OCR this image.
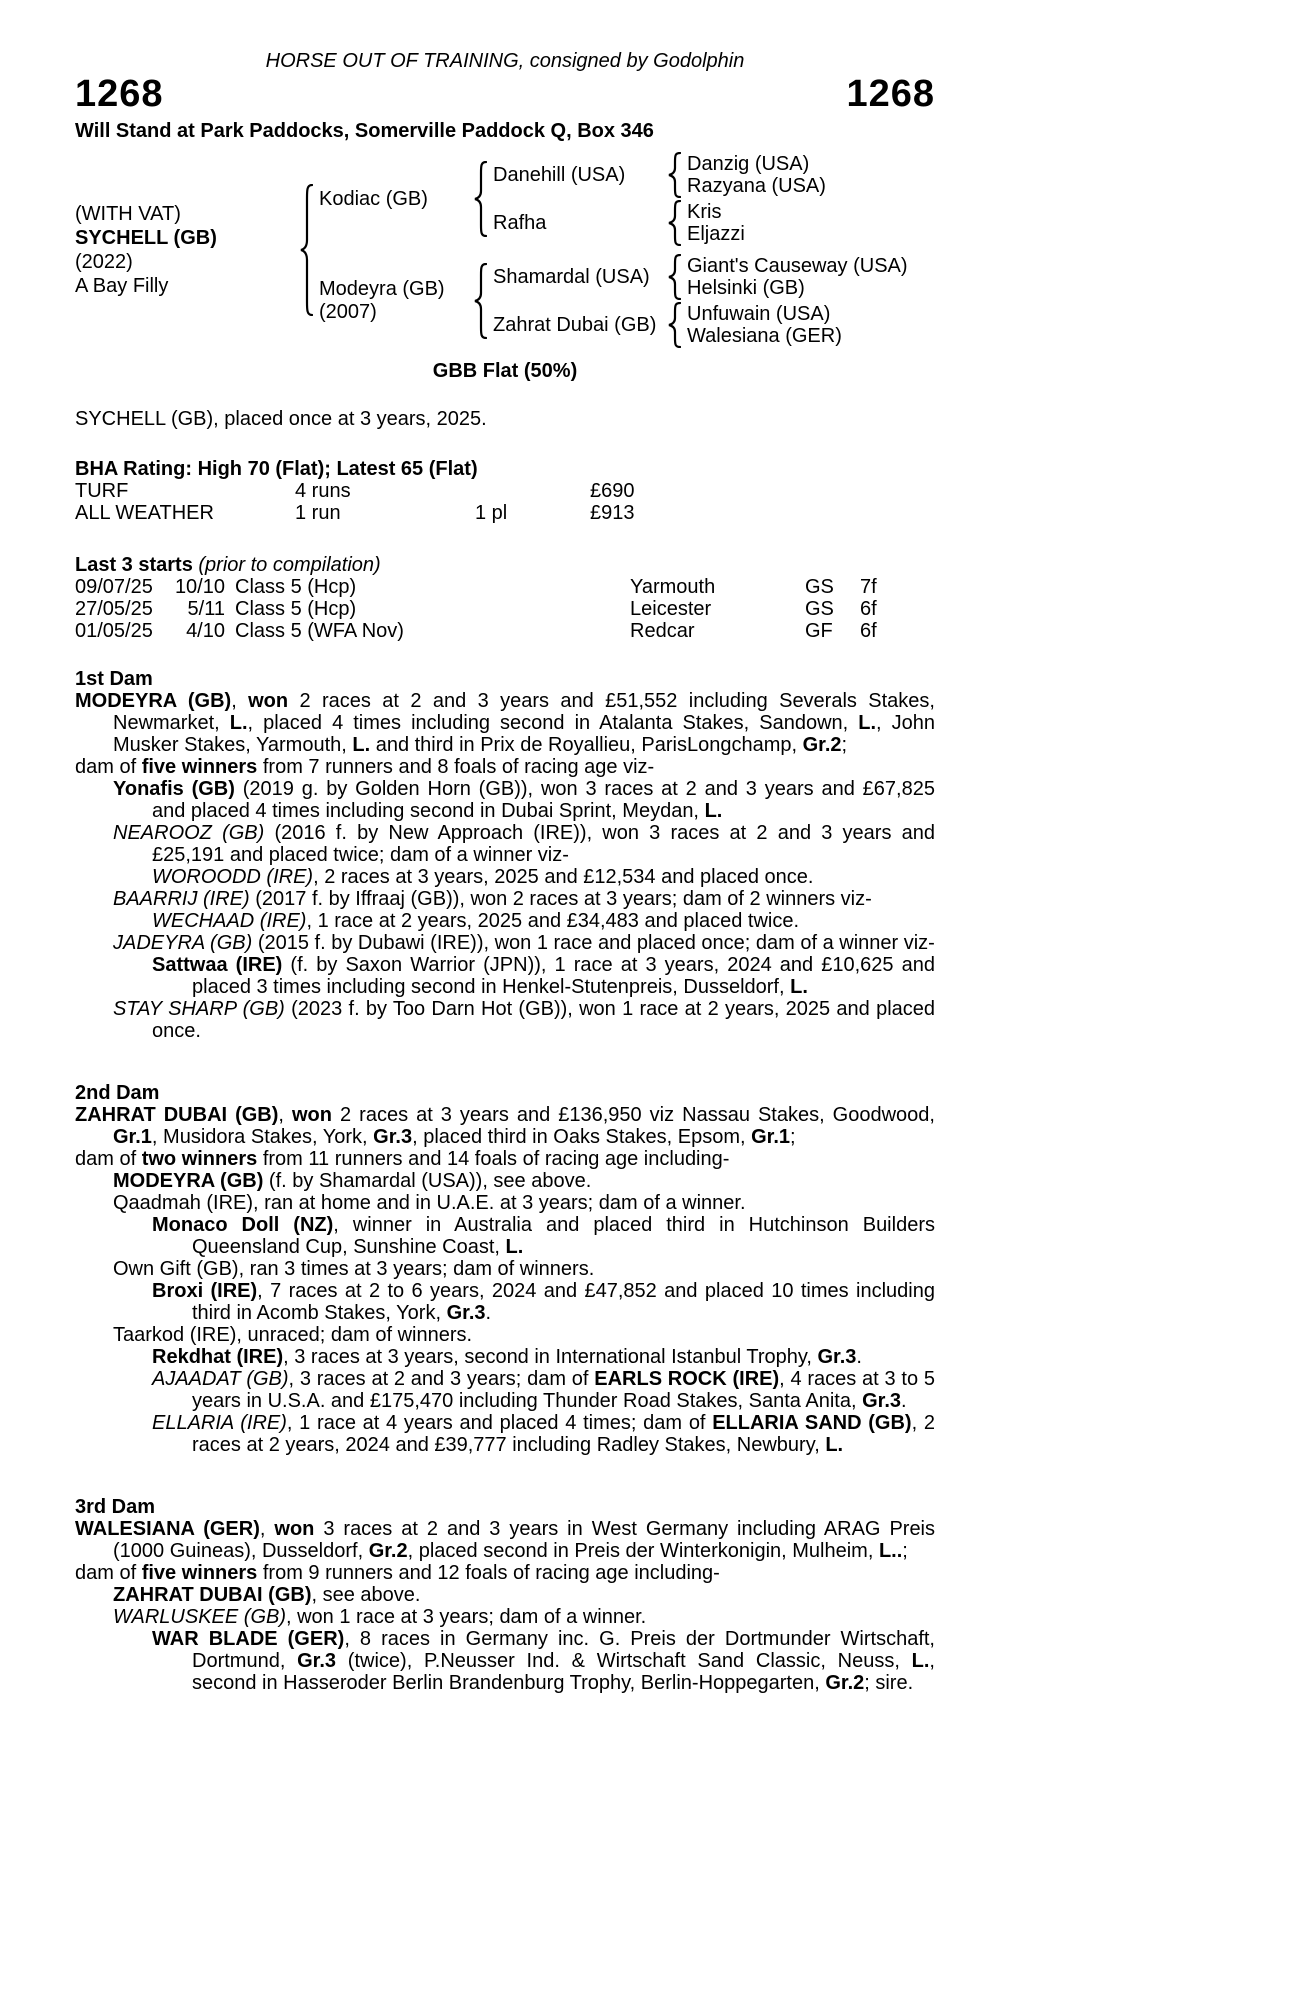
HORSE OUT OF TRAINING, consigned by Godolphin
1268	1268
Will Stand at Park Paddocks, Somerville Paddock Q, Box 346
(WITH VAT)
SYCHELL (GB)
(2022)
A Bay Filly
Kodiac (GB)
Danehill (USA)	Danzig (USA)
Razyana (USA)
Rafha	Kris
Eljazzi
Modeyra (GB)
(2007)
Shamardal (USA)	Giant's Causeway (USA)
Helsinki (GB)
Zahrat Dubai (GB) Unfuwain (USA)
Walesiana (GER)
GBB Flat (50%)
SYCHELL (GB), placed once at 3 years, 2025.
BHA Rating: High 70 (Flat); Latest 65 (Flat)
TURF	4 runs	£690
ALL WEATHER	1 run	1 pl	£913
Last 3 starts (prior to compilation)
09/07/25	10/10 Class 5 (Hcp)	Yarmouth	GS	7f
27/05/25	5/11 Class 5 (Hcp)	Leicester	GS	6f
01/05/25	4/10 Class 5 (WFA Nov)	Redcar	GF	6f
1st Dam

MODEYRA (GB), won 2 races at 2 and 3 years and £51,552 including Severals Stakes, Newmarket, L., placed 4 times including second in Atalanta Stakes, Sandown, L., John Musker Stakes, Yarmouth, L. and third in Prix de Royallieu, ParisLongchamp, Gr.2;

dam of five winners from 7 runners and 8 foals of racing age viz-

Yonafis (GB) (2019 g. by Golden Horn (GB)), won 3 races at 2 and 3 years and £67,825 and placed 4 times including second in Dubai Sprint, Meydan, L.

NEAROOZ (GB) (2016 f. by New Approach (IRE)), won 3 races at 2 and 3 years and £25,191 and placed twice; dam of a winner viz-

WOROODD (IRE), 2 races at 3 years, 2025 and £12,534 and placed once.

BAARRIJ (IRE) (2017 f. by Iffraaj (GB)), won 2 races at 3 years; dam of 2 winners viz-

WECHAAD (IRE), 1 race at 2 years, 2025 and £34,483 and placed twice.

JADEYRA (GB) (2015 f. by Dubawi (IRE)), won 1 race and placed once; dam of a winner viz-

Sattwaa (IRE) (f. by Saxon Warrior (JPN)), 1 race at 3 years, 2024 and £10,625 and placed 3 times including second in Henkel-Stutenpreis, Dusseldorf, L.

STAY SHARP (GB) (2023 f. by Too Darn Hot (GB)), won 1 race at 2 years, 2025 and placed once.

2nd Dam

ZAHRAT DUBAI (GB), won 2 races at 3 years and £136,950 viz Nassau Stakes, Goodwood, Gr.1, Musidora Stakes, York, Gr.3, placed third in Oaks Stakes, Epsom, Gr.1;

dam of two winners from 11 runners and 14 foals of racing age including-

MODEYRA (GB) (f. by Shamardal (USA)), see above.

Qaadmah (IRE), ran at home and in U.A.E. at 3 years; dam of a winner.

Monaco Doll (NZ), winner in Australia and placed third in Hutchinson Builders Queensland Cup, Sunshine Coast, L.

Own Gift (GB), ran 3 times at 3 years; dam of winners.

Broxi (IRE), 7 races at 2 to 6 years, 2024 and £47,852 and placed 10 times including third in Acomb Stakes, York, Gr.3.

Taarkod (IRE), unraced; dam of winners.

Rekdhat (IRE), 3 races at 3 years, second in International Istanbul Trophy, Gr.3.

AJAADAT (GB), 3 races at 2 and 3 years; dam of EARLS ROCK (IRE), 4 races at 3 to 5 years in U.S.A. and £175,470 including Thunder Road Stakes, Santa Anita, Gr.3.

ELLARIA (IRE), 1 race at 4 years and placed 4 times; dam of ELLARIA SAND (GB), 2 races at 2 years, 2024 and £39,777 including Radley Stakes, Newbury, L.

3rd Dam

WALESIANA (GER), won 3 races at 2 and 3 years in West Germany including ARAG Preis (1000 Guineas), Dusseldorf, Gr.2, placed second in Preis der Winterkonigin, Mulheim, L..;

dam of five winners from 9 runners and 12 foals of racing age including-

ZAHRAT DUBAI (GB), see above.

WARLUSKEE (GB), won 1 race at 3 years; dam of a winner.

WAR BLADE (GER), 8 races in Germany inc. G. Preis der Dortmunder Wirtschaft, Dortmund, Gr.3 (twice), P.Neusser Ind. & Wirtschaft Sand Classic, Neuss, L., second in Hasseroder Berlin Brandenburg Trophy, Berlin-Hoppegarten, Gr.2; sire.
